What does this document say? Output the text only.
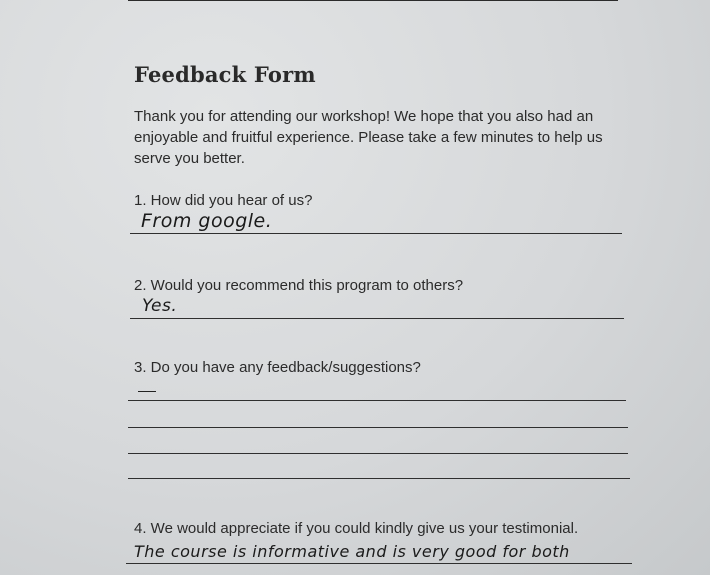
Feedback Form
Thank you for attending our workshop! We hope that you also had an enjoyable and fruitful experience. Please take a few minutes to help us serve you better.
1. How did you hear of us?
From google.
2. Would you recommend this program to others?
Yes.
3. Do you have any feedback/suggestions?
4. We would appreciate if you could kindly give us your testimonial.
The course is informative and is very good for both
